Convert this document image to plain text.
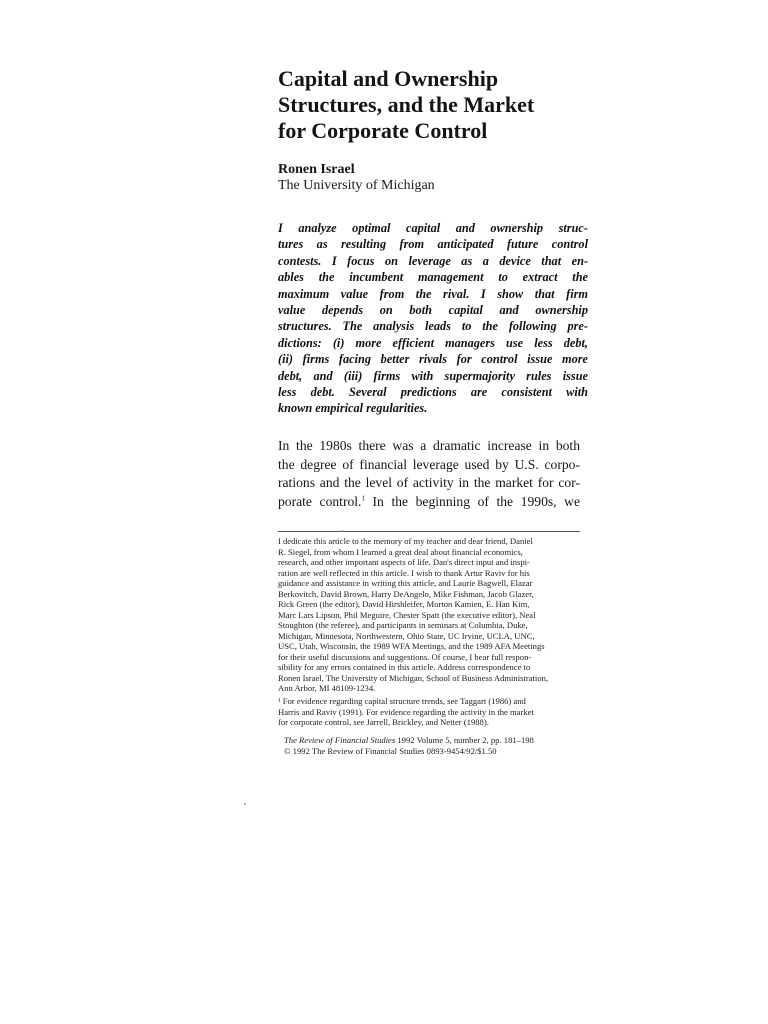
Capital and Ownership
Structures, and the Market
for Corporate Control
Ronen Israel
The University of Michigan
I analyze optimal capital and ownership struc-
tures as resulting from anticipated future control
contests. I focus on leverage as a device that en-
ables the incumbent management to extract the
maximum value from the rival. I show that firm
value depends on both capital and ownership
structures. The analysis leads to the following pre-
dictions: (i) more efficient managers use less debt,
(ii) firms facing better rivals for control issue more
debt, and (iii) firms with supermajority rules issue
less debt. Several predictions are consistent with
known empirical regularities.
In the 1980s there was a dramatic increase in both
the degree of financial leverage used by U.S. corpo-
rations and the level of activity in the market for cor-
porate control.$^1$ In the beginning of the 1990s, we
I dedicate this article to the memory of my teacher and dear friend, Daniel
R. Siegel, from whom I learned a great deal about financial economics,
research, and other important aspects of life. Dan's direct input and inspi-
ration are well reflected in this article. I wish to thank Artur Raviv for his
guidance and assistance in writing this article, and Laurie Bagwell, Elazar
Berkovitch, David Brown, Harry DeAngelo, Mike Fishman, Jacob Glazer,
Rick Green (the editor), David Hirshleifer, Morton Kamien, E. Han Kim,
Marc Lars Lipson, Phil Meguire, Chester Spatt (the executive editor), Neal
Stoughton (the referee), and participants in seminars at Columbia, Duke,
Michigan, Minnesota, Northwestern, Ohio State, UC Irvine, UCLA, UNC,
USC, Utah, Wisconsin, the 1989 WFA Meetings, and the 1989 AFA Meetings
for their useful discussions and suggestions. Of course, I bear full respon-
sibility for any errors contained in this article. Address correspondence to
Ronen Israel, The University of Michigan, School of Business Administration,
Ann Arbor, MI 48109-1234.
¹ For evidence regarding capital structure trends, see Taggart (1986) and
Harris and Raviv (1991). For evidence regarding the activity in the market
for corporate control, see Jarrell, Brickley, and Netter (1988).
The Review of Financial Studies 1992 Volume 5, number 2, pp. 181–198
© 1992 The Review of Financial Studies 0893-9454/92/$1.50
